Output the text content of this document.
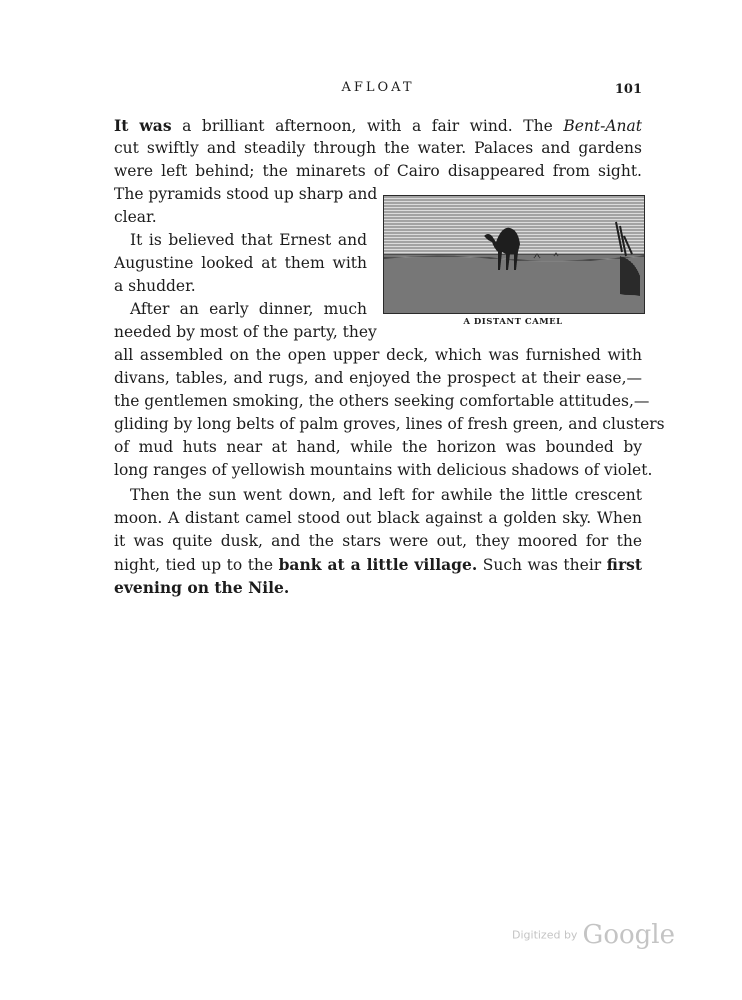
AFLOAT	101
It was a brilliant afternoon, with a fair wind. The Bent-Anat
cut swiftly and steadily through the water. Palaces and gardens
were left behind; the minarets of Cairo disappeared from sight.
The pyramids stood up sharp and
clear.
It is believed that Ernest and
Augustine looked at them with
a shudder.
After an early dinner, much
needed by most of the party, they
all assembled on the open upper deck, which was furnished with
divans, tables, and rugs, and enjoyed the prospect at their ease,—
the gentlemen smoking, the others seeking comfortable attitudes,—
gliding by long belts of palm groves, lines of fresh green, and clusters
of mud huts near at hand, while the horizon was bounded by
long ranges of yellowish mountains with delicious shadows of violet.
Then the sun went down, and left for awhile the little crescent
moon. A distant camel stood out black against a golden sky. When
it was quite dusk, and the stars were out, they moored for the
night, tied up to the bank at a little village. Such was their first
evening on the Nile.
A DISTANT CAMEL
Digitized by Google
